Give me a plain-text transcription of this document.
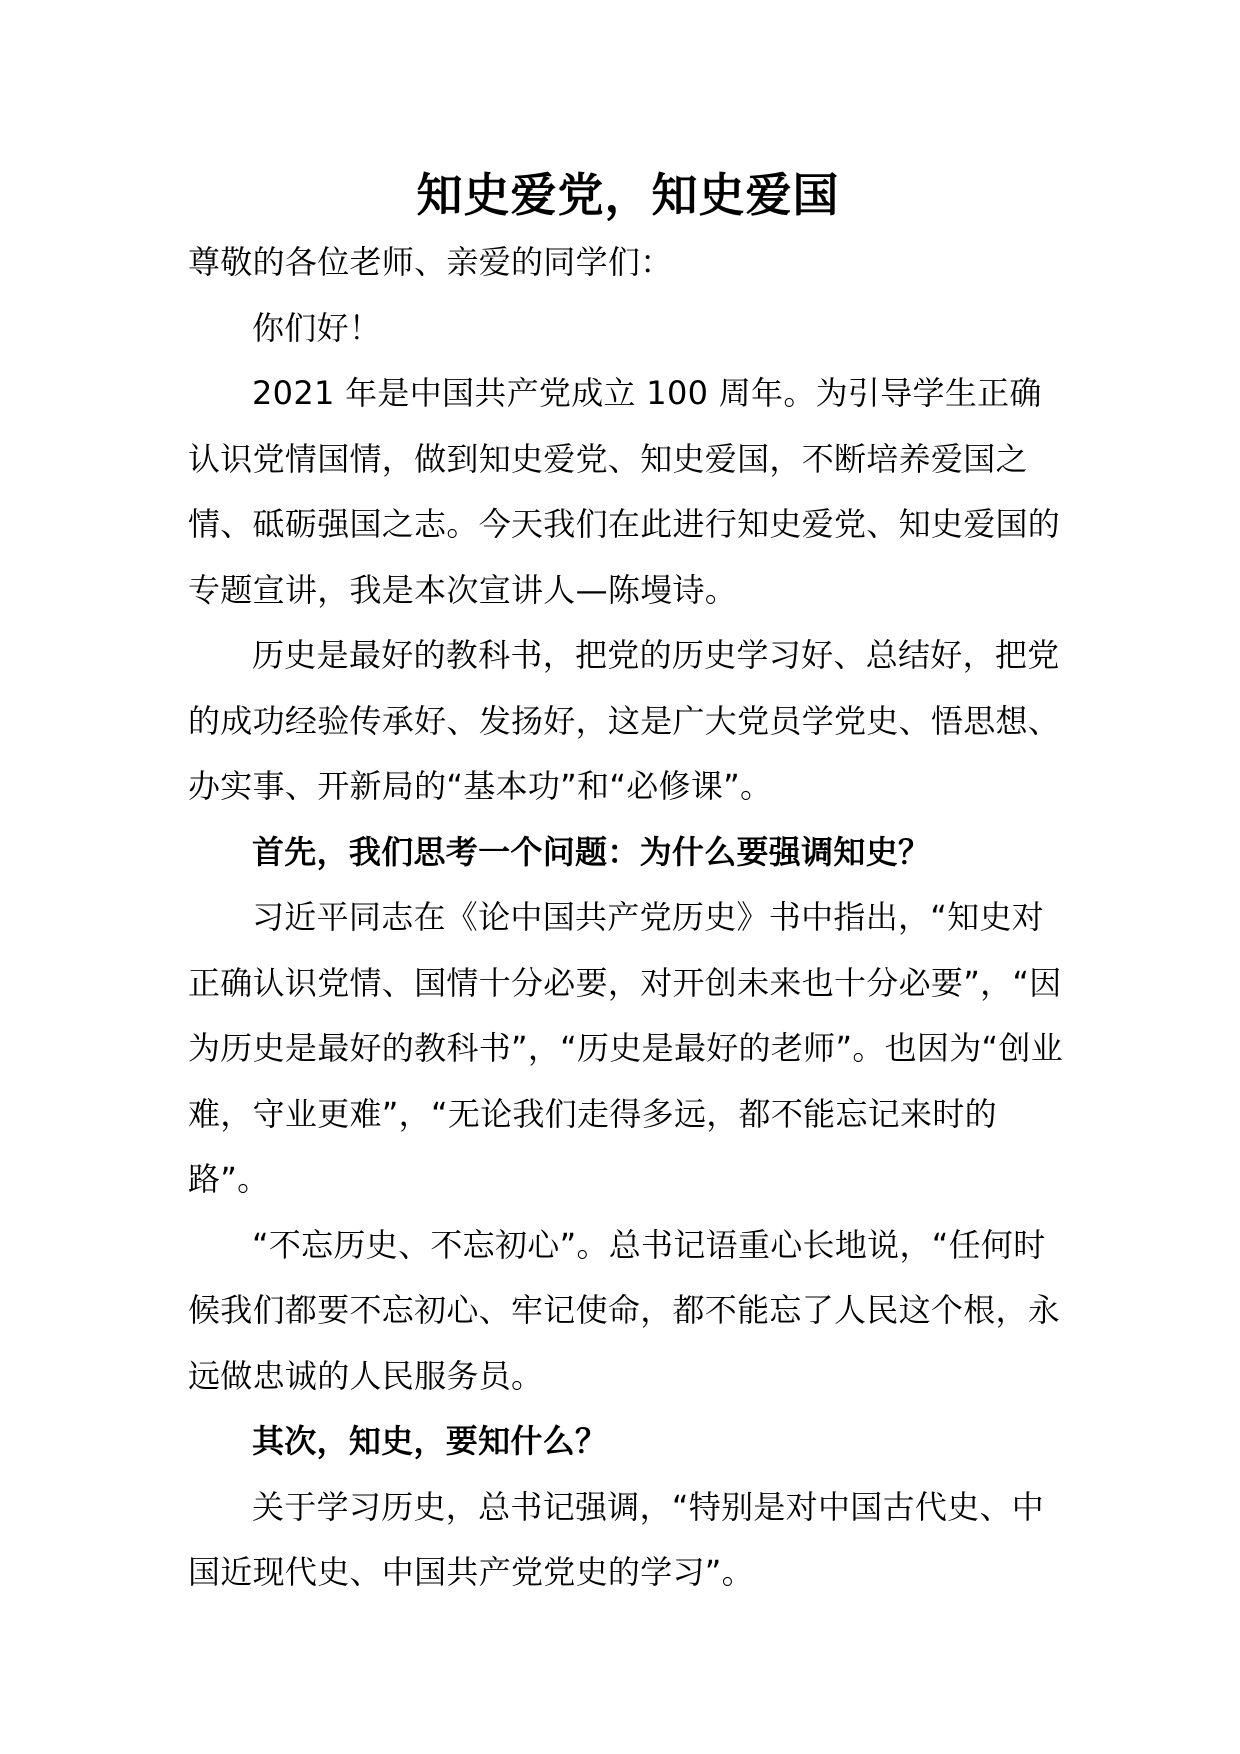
知史爱党，知史爱国

尊敬的各位老师、亲爱的同学们：

你们好！

2021 年是中国共产党成立 100 周年。为引导学生正确认识党情国情，做到知史爱党、知史爱国，不断培养爱国之情、砥砺强国之志。今天我们在此进行知史爱党、知史爱国的专题宣讲，我是本次宣讲人—陈墁诗。

历史是最好的教科书，把党的历史学习好、总结好，把党的成功经验传承好、发扬好，这是广大党员学党史、悟思想、办实事、开新局的“基本功”和“必修课”。

首先，我们思考一个问题：为什么要强调知史？

习近平同志在《论中国共产党历史》书中指出，“知史对正确认识党情、国情十分必要，对开创未来也十分必要”，“因为历史是最好的教科书”，“历史是最好的老师”。也因为“创业难，守业更难”，“无论我们走得多远，都不能忘记来时的路”。

“不忘历史、不忘初心”。总书记语重心长地说，“任何时候我们都要不忘初心、牢记使命，都不能忘了人民这个根，永远做忠诚的人民服务员。

其次，知史，要知什么？

关于学习历史，总书记强调，“特别是对中国古代史、中国近现代史、中国共产党党史的学习”。
